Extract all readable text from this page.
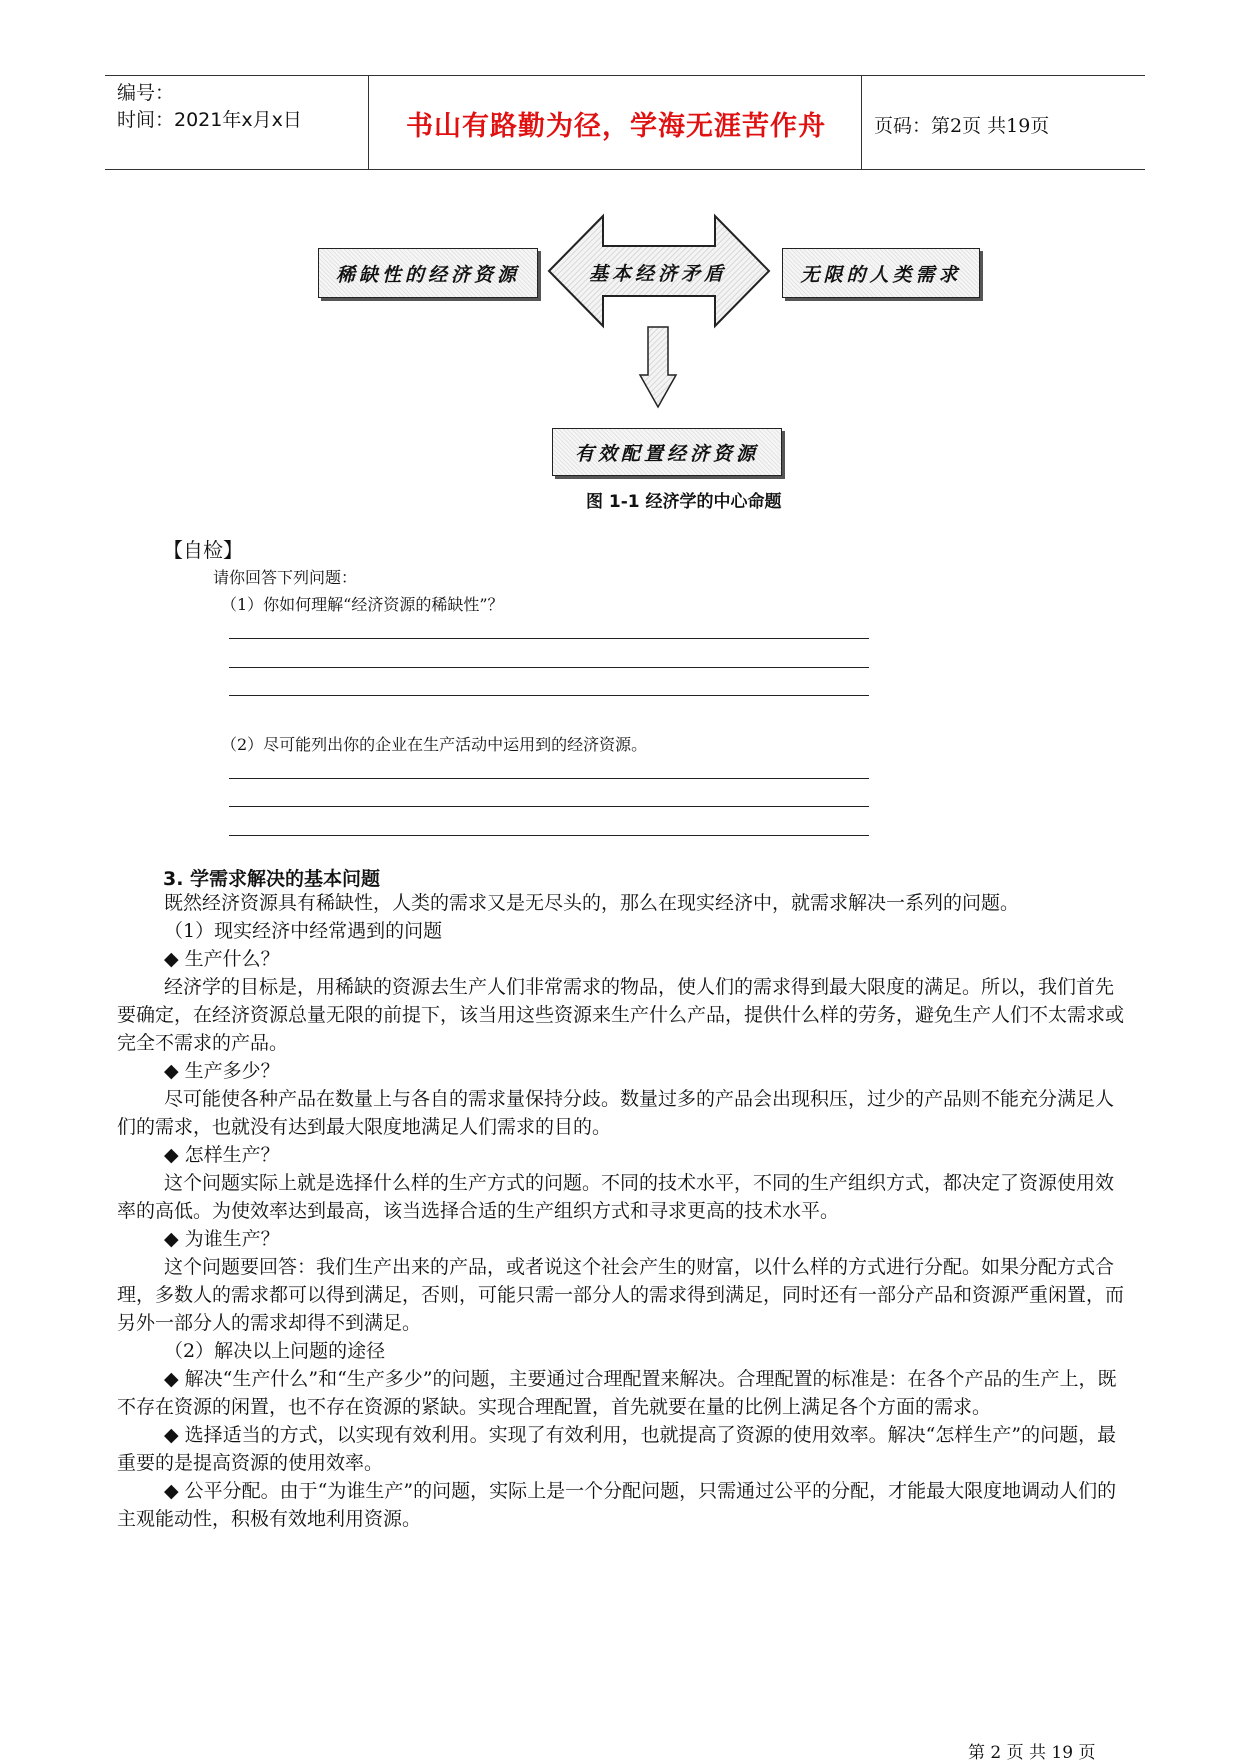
编号：
时间：2021年x月x日	书山有路勤为径，学海无涯苦作舟	页码：第2页 共19页
稀缺性的经济资源	基本经济矛盾	无限的人类需求
有效配置经济资源
图 1-1 经济学的中心命题
【自检】
请你回答下列问题：
（1）你如何理解“经济资源的稀缺性”？
（2）尽可能列出你的企业在生产活动中运用到的经济资源。
3. 学需求解决的基本问题

既然经济资源具有稀缺性，人类的需求又是无尽头的，那么在现实经济中，就需求解决一系列的问题。

（1）现实经济中经常遇到的问题

◆ 生产什么？

经济学的目标是，用稀缺的资源去生产人们非常需求的物品，使人们的需求得到最大限度的满足。所以，我们首先要确定，在经济资源总量无限的前提下，该当用这些资源来生产什么产品，提供什么样的劳务，避免生产人们不太需求或完全不需求的产品。

◆ 生产多少？

尽可能使各种产品在数量上与各自的需求量保持分歧。数量过多的产品会出现积压，过少的产品则不能充分满足人们的需求，也就没有达到最大限度地满足人们需求的目的。

◆ 怎样生产？

这个问题实际上就是选择什么样的生产方式的问题。不同的技术水平，不同的生产组织方式，都决定了资源使用效率的高低。为使效率达到最高，该当选择合适的生产组织方式和寻求更高的技术水平。

◆ 为谁生产？

这个问题要回答：我们生产出来的产品，或者说这个社会产生的财富，以什么样的方式进行分配。如果分配方式合理，多数人的需求都可以得到满足，否则，可能只需一部分人的需求得到满足，同时还有一部分产品和资源严重闲置，而另外一部分人的需求却得不到满足。

（2）解决以上问题的途径

◆ 解决“生产什么”和“生产多少”的问题，主要通过合理配置来解决。合理配置的标准是：在各个产品的生产上，既不存在资源的闲置，也不存在资源的紧缺。实现合理配置，首先就要在量的比例上满足各个方面的需求。

◆ 选择适当的方式，以实现有效利用。实现了有效利用，也就提高了资源的使用效率。解决“怎样生产”的问题，最重要的是提高资源的使用效率。

◆ 公平分配。由于“为谁生产”的问题，实际上是一个分配问题，只需通过公平的分配，才能最大限度地调动人们的主观能动性，积极有效地利用资源。

第 2 页 共 19 页
